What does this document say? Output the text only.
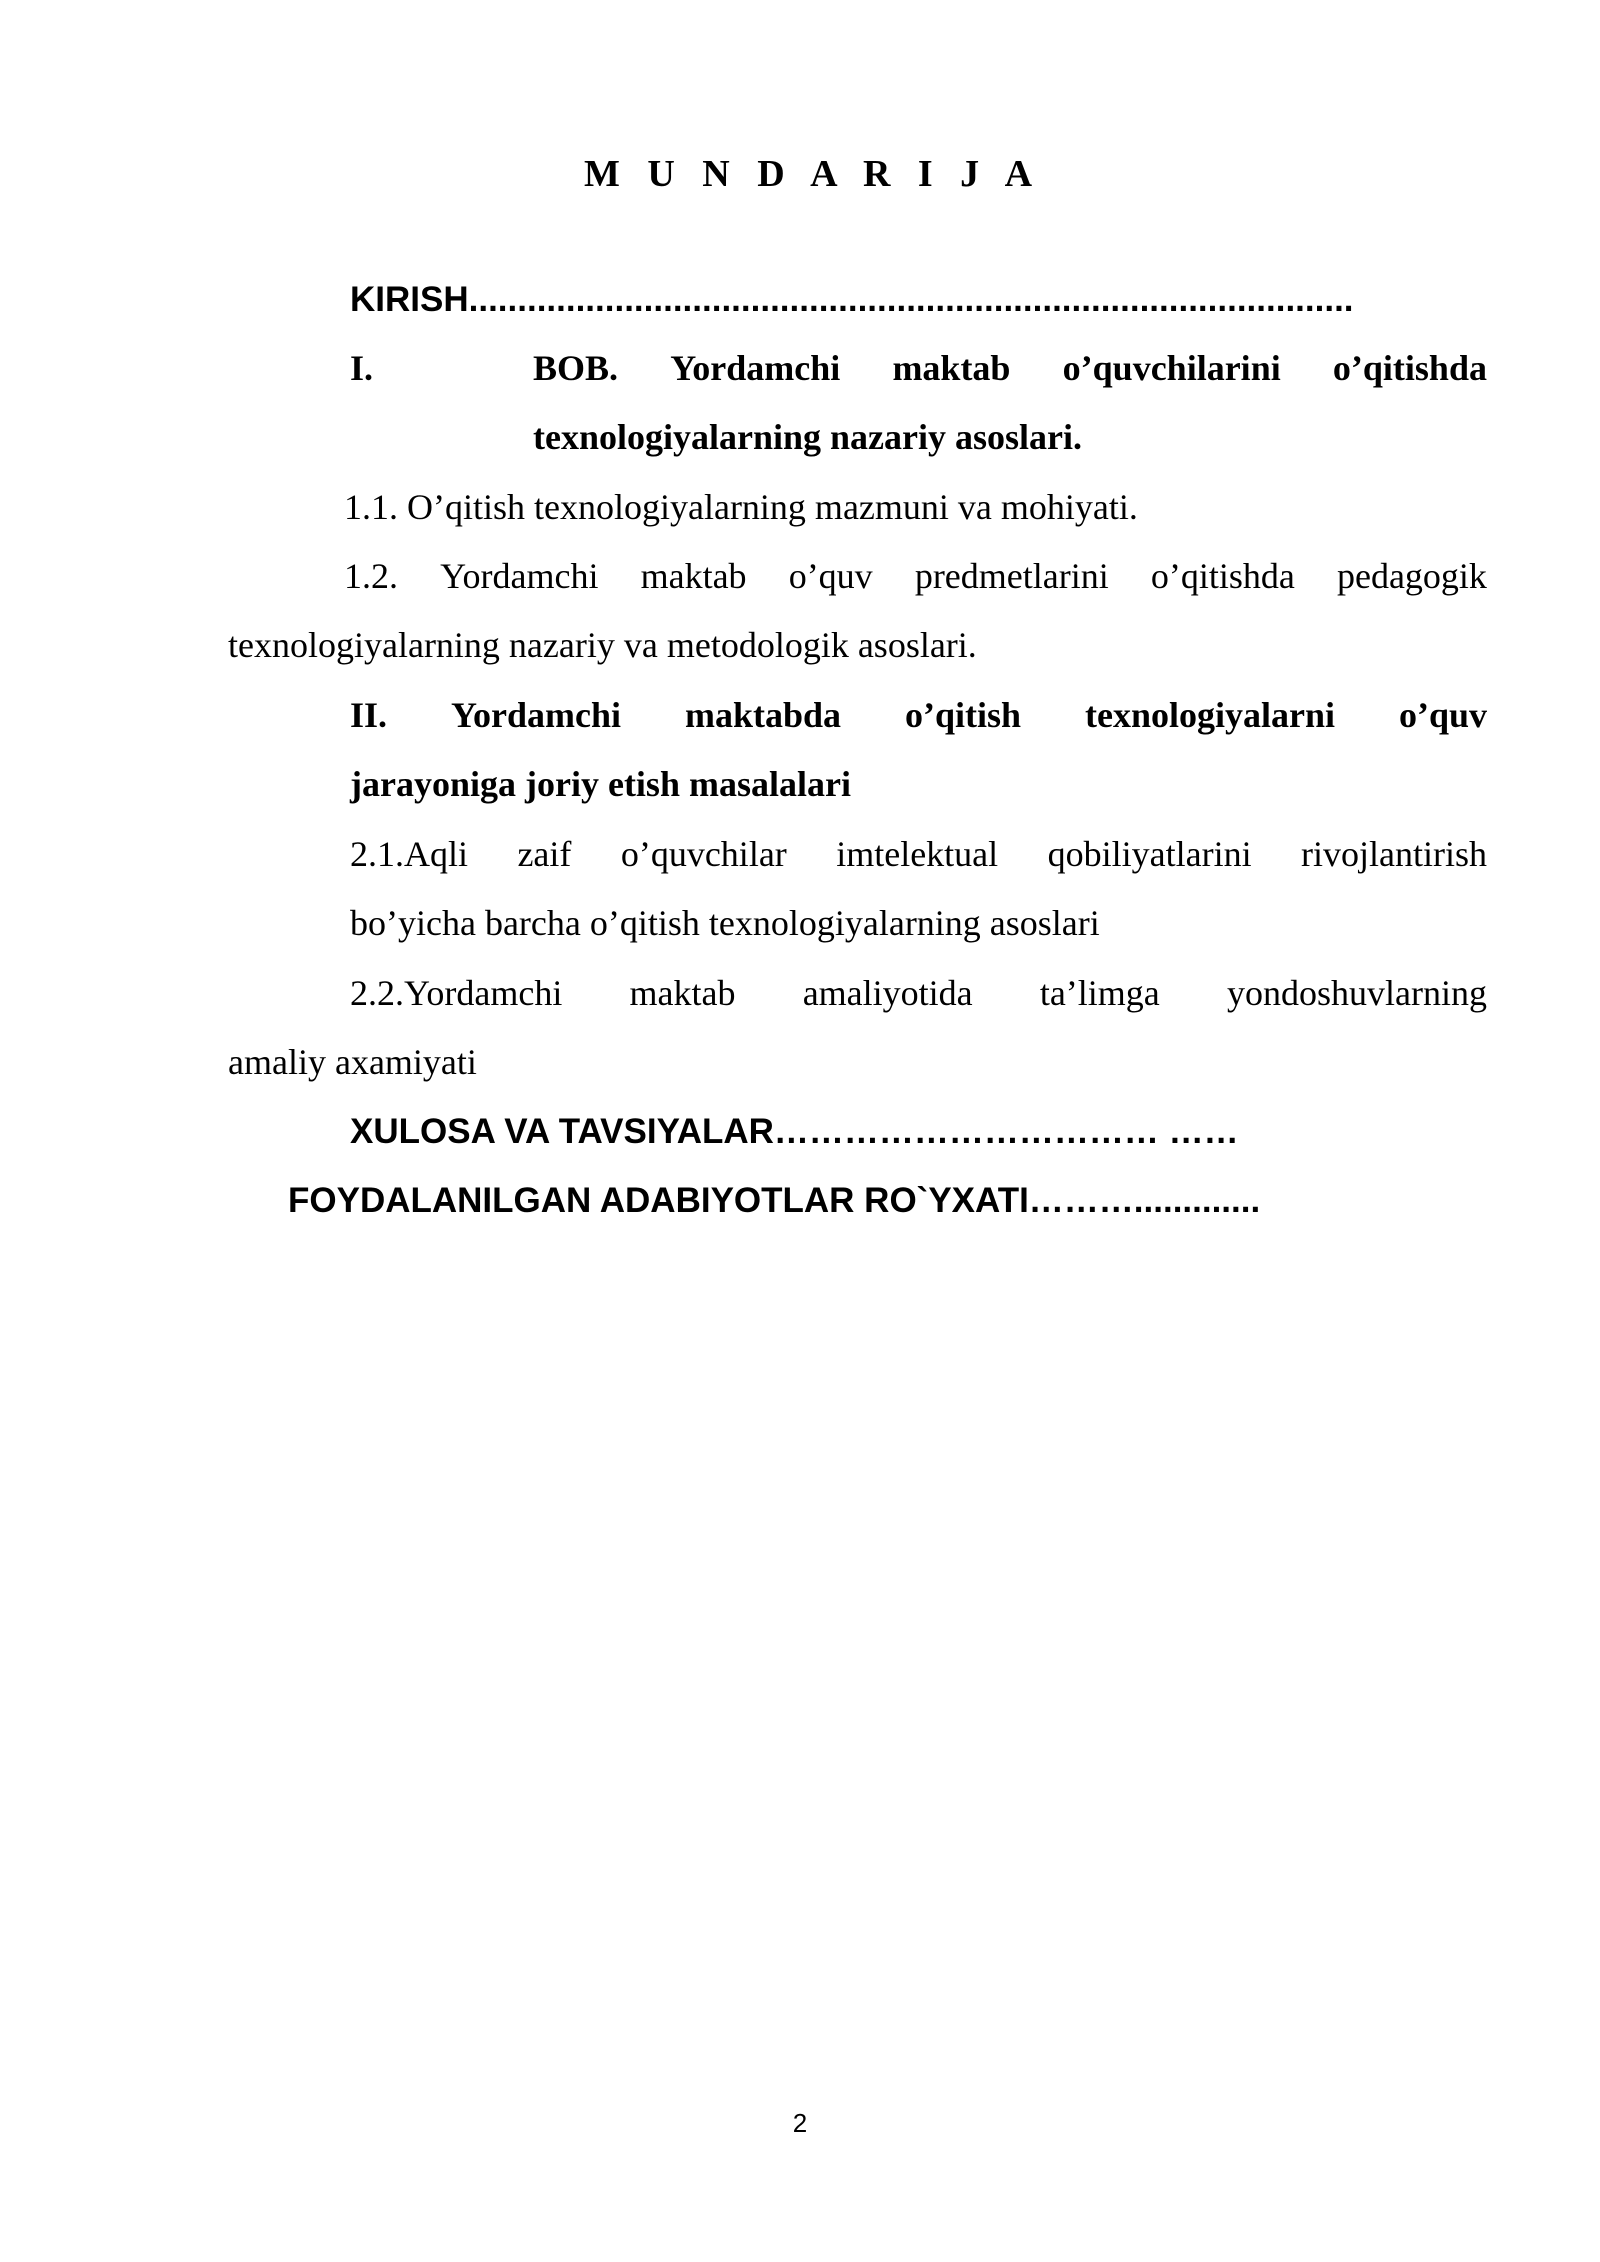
M U N D A R I J A
KIRISH...........................................................................................
I.	BOB. Yordamchi maktab o’quvchilarini o’qitishda
texnologiyalarning nazariy asoslari.
1.1. O’qitish texnologiyalarning mazmuni va mohiyati.
1.2. Yordamchi maktab o’quv predmetlarini o’qitishda pedagogik
texnologiyalarning nazariy va metodologik asoslari.
II. Yordamchi maktabda o’qitish texnologiyalarni o’quv
jarayoniga joriy etish masalalari
2.1.Aqli zaif o’quvchilar imtelektual qobiliyatlarini rivojlantirish
bo’yicha barcha o’qitish texnologiyalarning asoslari
2.2.Yordamchi maktab amaliyotida ta’limga yondoshuvlarning
amaliy axamiyati
XULOSA VA TAVSIYALAR…………………………… ……
FOYDALANILGAN ADABIYOTLAR RO`YXATI……….............
2
